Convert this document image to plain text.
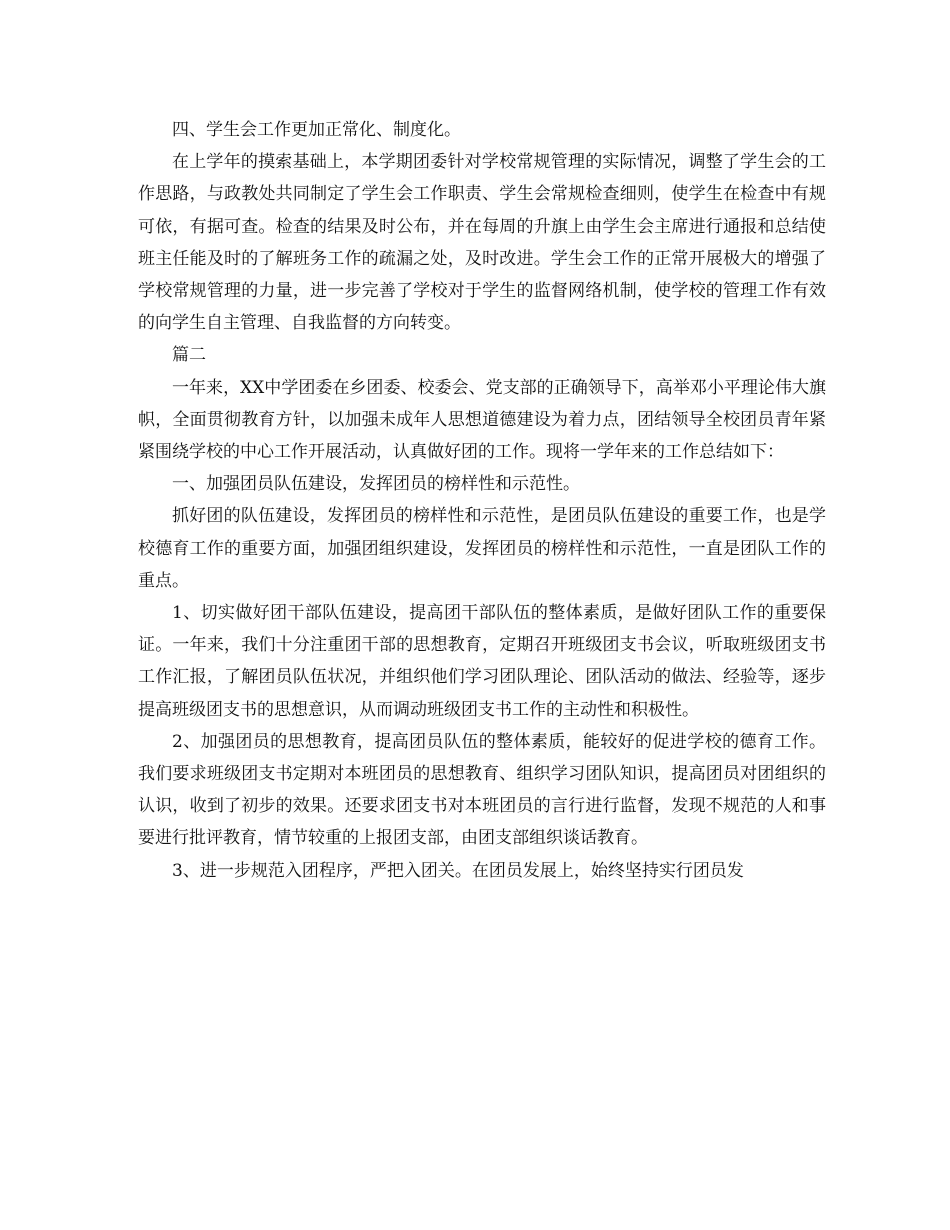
四、学生会工作更加正常化、制度化。

在上学年的摸索基础上，本学期团委针对学校常规管理的实际情况，调整了学生会的工作思路，与政教处共同制定了学生会工作职责、学生会常规检查细则，使学生在检查中有规可依，有据可查。检查的结果及时公布，并在每周的升旗上由学生会主席进行通报和总结使班主任能及时的了解班务工作的疏漏之处，及时改进。学生会工作的正常开展极大的增强了学校常规管理的力量，进一步完善了学校对于学生的监督网络机制，使学校的管理工作有效的向学生自主管理、自我监督的方向转变。

篇二

一年来，XX中学团委在乡团委、校委会、党支部的正确领导下，高举邓小平理论伟大旗帜，全面贯彻教育方针，以加强未成年人思想道德建设为着力点，团结领导全校团员青年紧紧围绕学校的中心工作开展活动，认真做好团的工作。现将一学年来的工作总结如下：

一、加强团员队伍建设，发挥团员的榜样性和示范性。

抓好团的队伍建设，发挥团员的榜样性和示范性，是团员队伍建设的重要工作，也是学校德育工作的重要方面，加强团组织建设，发挥团员的榜样性和示范性，一直是团队工作的重点。

1、切实做好团干部队伍建设，提高团干部队伍的整体素质，是做好团队工作的重要保证。一年来，我们十分注重团干部的思想教育，定期召开班级团支书会议，听取班级团支书工作汇报，了解团员队伍状况，并组织他们学习团队理论、团队活动的做法、经验等，逐步提高班级团支书的思想意识，从而调动班级团支书工作的主动性和积极性。

2、加强团员的思想教育，提高团员队伍的整体素质，能较好的促进学校的德育工作。我们要求班级团支书定期对本班团员的思想教育、组织学习团队知识，提高团员对团组织的认识，收到了初步的效果。还要求团支书对本班团员的言行进行监督，发现不规范的人和事要进行批评教育，情节较重的上报团支部，由团支部组织谈话教育。

3、进一步规范入团程序，严把入团关。在团员发展上，始终坚持实行团员发
